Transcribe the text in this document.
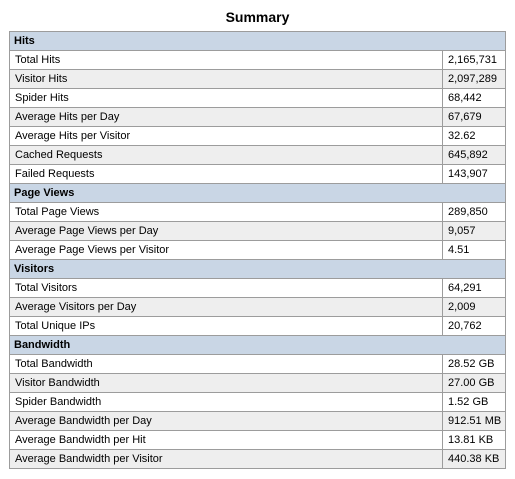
Summary
Hits	
Total Hits	2,165,731
Visitor Hits	2,097,289
Spider Hits	68,442
Average Hits per Day	67,679
Average Hits per Visitor	32.62
Cached Requests	645,892
Failed Requests	143,907
Page Views	
Total Page Views	289,850
Average Page Views per Day	9,057
Average Page Views per Visitor	4.51
Visitors	
Total Visitors	64,291
Average Visitors per Day	2,009
Total Unique IPs	20,762
Bandwidth	
Total Bandwidth	28.52 GB
Visitor Bandwidth	27.00 GB
Spider Bandwidth	1.52 GB
Average Bandwidth per Day	912.51 MB
Average Bandwidth per Hit	13.81 KB
Average Bandwidth per Visitor	440.38 KB
